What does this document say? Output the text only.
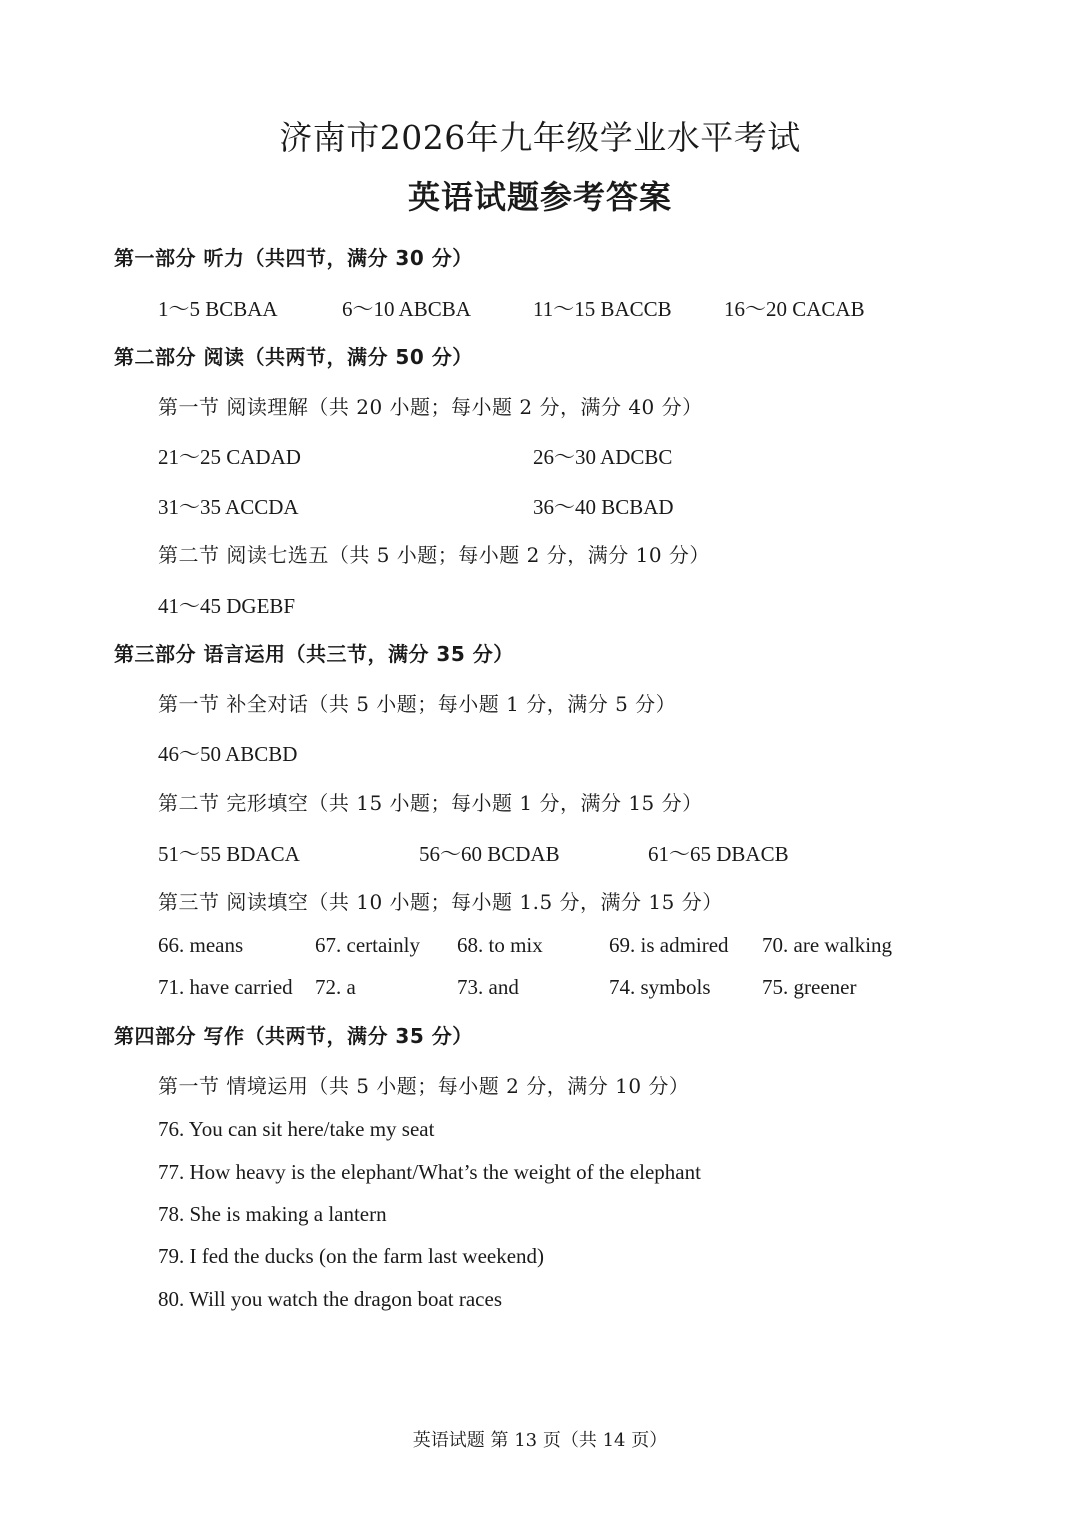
济南市2026年九年级学业水平考试
英语试题参考答案
第一部分 听力（共四节，满分 30 分）
1～5 BCBAA	6～10 ABCBA	11～15 BACCB 16～20 CACAB
第二部分 阅读（共两节，满分 50 分）
第一节 阅读理解（共 20 小题；每小题 2 分，满分 40 分）
21～25 CADAD	26～30 ADCBC
31～35 ACCDA	36～40 BCBAD
第二节 阅读七选五（共 5 小题；每小题 2 分，满分 10 分）
41～45 DGEBF
第三部分 语言运用（共三节，满分 35 分）
第一节 补全对话（共 5 小题；每小题 1 分，满分 5 分）
46～50 ABCBD
第二节 完形填空（共 15 小题；每小题 1 分，满分 15 分）
51～55 BDACA	56～60 BCDAB	61～65 DBACB
第三节 阅读填空（共 10 小题；每小题 1.5 分，满分 15 分）
66. means	67. certainly 68. to mix	69. is admired 70. are walking
71. have carried 72. a	73. and	74. symbols 75. greener
第四部分 写作（共两节，满分 35 分）
第一节 情境运用（共 5 小题；每小题 2 分，满分 10 分）
76. You can sit here/take my seat
77. How heavy is the elephant/What’s the weight of the elephant
78. She is making a lantern
79. I fed the ducks (on the farm last weekend)
80. Will you watch the dragon boat races
英语试题 第 13 页（共 14 页）
